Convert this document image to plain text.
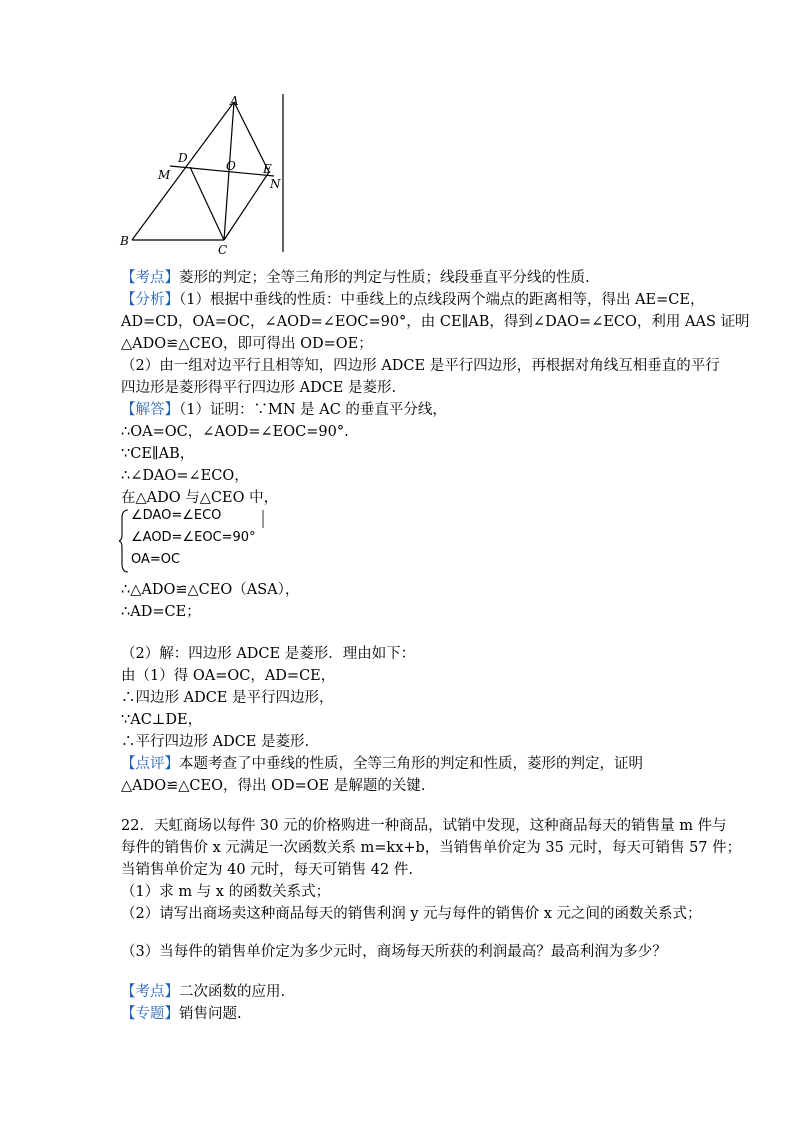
A
D
O E
M
N
B
C
【考点】菱形的判定；全等三角形的判定与性质；线段垂直平分线的性质.
【分析】（1）根据中垂线的性质：中垂线上的点线段两个端点的距离相等，得出 AE=CE，
AD=CD，OA=OC，∠AOD=∠EOC=90°，由 CE∥AB，得到∠DAO=∠ECO，利用 AAS 证明
△ADO≌△CEO，即可得出 OD=OE；
（2）由一组对边平行且相等知，四边形 ADCE 是平行四边形，再根据对角线互相垂直的平行
四边形是菱形得平行四边形 ADCE 是菱形.
【解答】（1）证明：∵MN 是 AC 的垂直平分线，
∴OA=OC，∠AOD=∠EOC=90°.
∵CE∥AB，
∴∠DAO=∠ECO，
在△ADO 与△CEO 中，
∠DAO=∠ECO
∠AOD=∠EOC=90°
OA=OC
∴△ADO≌△CEO（ASA），
∴AD=CE；
（2）解：四边形 ADCE 是菱形．理由如下：
由（1）得 OA=OC，AD=CE，
∴四边形 ADCE 是平行四边形，
∵AC⊥DE，
∴平行四边形 ADCE 是菱形.
【点评】本题考查了中垂线的性质，全等三角形的判定和性质，菱形的判定，证明
△ADO≌△CEO，得出 OD=OE 是解题的关键.
22．天虹商场以每件 30 元的价格购进一种商品，试销中发现，这种商品每天的销售量 m 件与
每件的销售价 x 元满足一次函数关系 m=kx+b，当销售单价定为 35 元时，每天可销售 57 件；
当销售单价定为 40 元时，每天可销售 42 件.
（1）求 m 与 x 的函数关系式；
（2）请写出商场卖这种商品每天的销售利润 y 元与每件的销售价 x 元之间的函数关系式；
（3）当每件的销售单价定为多少元时，商场每天所获的利润最高？最高利润为多少？
【考点】二次函数的应用.
【专题】销售问题.
